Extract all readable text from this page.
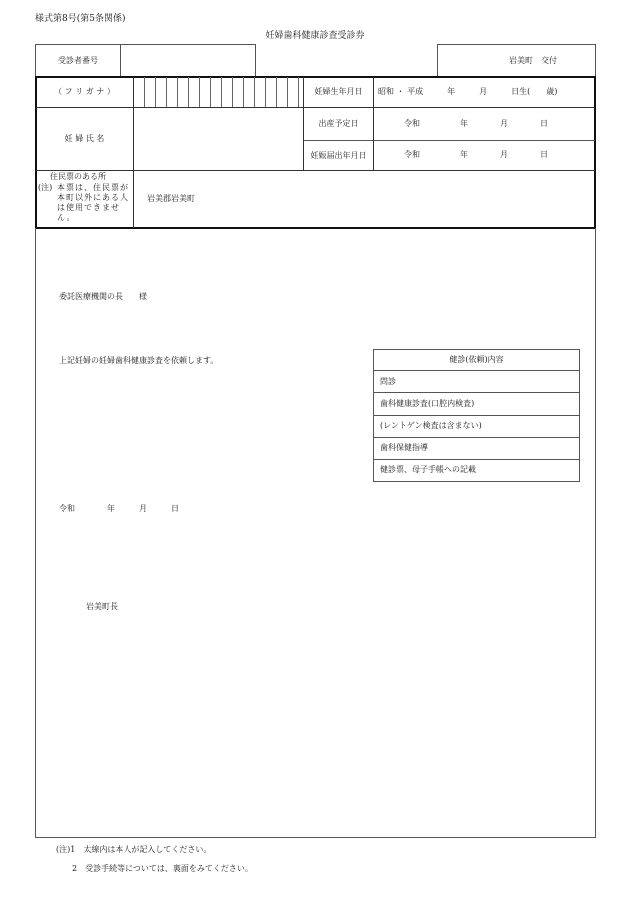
様式第8号(第5条関係)
妊婦歯科健康診査受診券
受診者番号	岩美町　交付
（ フ リ ガ ナ ）
妊 婦 氏 名
妊婦生年月日	昭和 ・ 平成　　　年　　　月　　　日生(　　歳)
出産予定日	令和　　　　　年　　　　月　　　　日
妊娠届出年月日	令和　　　　　年　　　　月　　　　日
住民票のある所
(注) 本票は、住民票が本町以外にある人は使用できません。
岩美郡岩美町
委託医療機関の長　　様
上記妊婦の妊婦歯科健康診査を依頼します。	健診(依頼)内容
問診
歯科健康診査(口腔内検査)
(レントゲン検査は含まない)
歯科保健指導
健診票、母子手帳への記載
令和　　　　年　　　月　　　日
岩美町長
(注)1　太線内は本人が記入してください。
2　受診手続等については、裏面をみてください。
